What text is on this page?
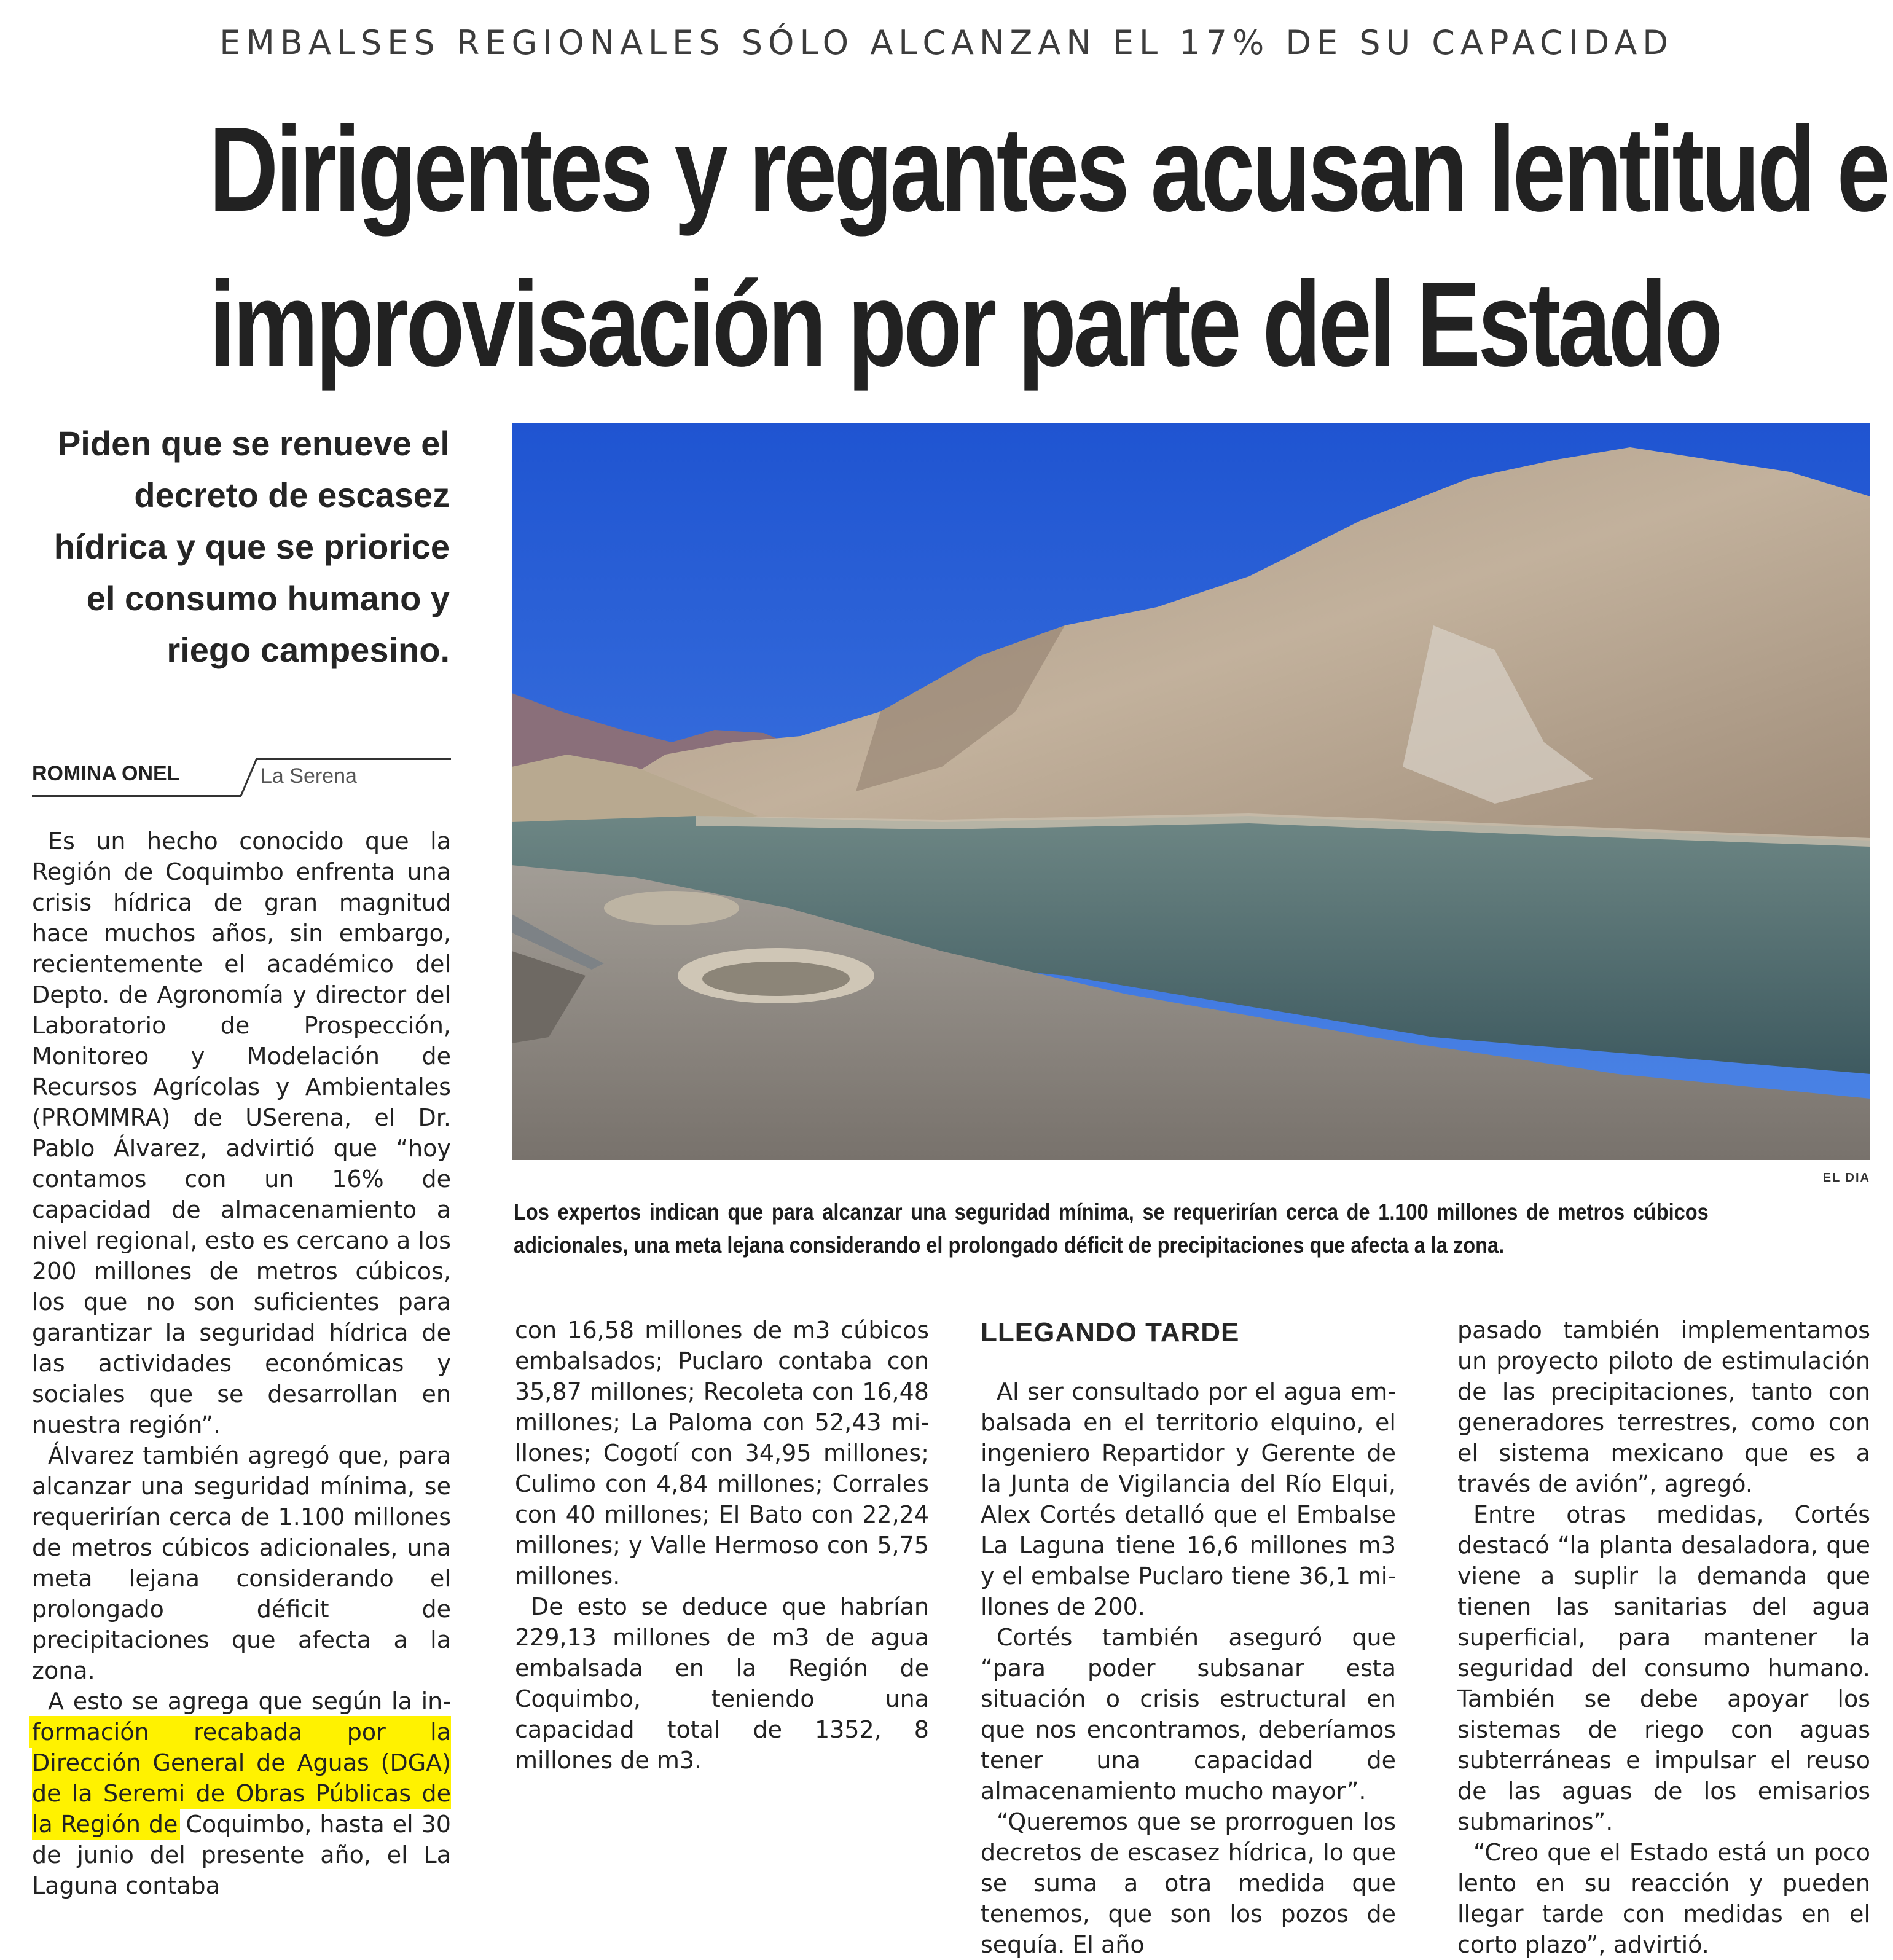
EMBALSES REGIONALES SÓLO ALCANZAN EL 17% DE SU CAPACIDAD
Dirigentes y regantes acusan lentitud e
improvisación por parte del Estado
Piden que se renueve el decreto de escasez hídrica y que se priorice el consumo humano y riego campesino.
ROMINA ONEL	La Serena
EL DIA
Los expertos indican que para alcanzar una seguridad mínima, se requerirían cerca de 1.100 millones de metros cúbicos adicionales, una meta lejana considerando el prolongado déficit de precipitaciones que afecta a la zona.

Es un hecho conocido que la Región de Coquimbo enfrenta una crisis hídrica de gran magnitud hace muchos años, sin embargo, recientemente el académico del Depto. de Agronomía y director del Laboratorio de Prospección, Monitoreo y Modelación de Recursos Agrícolas y Ambientales (PROMMRA) de U​Serena, el Dr. Pablo Álvarez, advirtió que “hoy contamos con un 16% de capacidad de almacenamiento a nivel regional, esto es cercano a los 200 millones de metros cúbicos, los que no son suficientes para garantizar la seguridad hídrica de las actividades económicas y sociales que se desarrollan en nuestra región”.

Álvarez también agregó que, para alcanzar una seguridad mínima, se requerirían cerca de 1.100 millones de metros cúbicos adicionales, una meta lejana considerando el prolongado déficit de precipitaciones que afecta a la zona.

A esto se agrega que según la información recabada por la Dirección General de Aguas (DGA) de la Seremi de Obras Públicas de la Región de Coquimbo, hasta el 30 de junio del presente año, el La Laguna contaba

con 16,58 millones de m3 cúbicos embalsados; Puclaro contaba con 35,87 millones; Recoleta con 16,48 millones; La Paloma con 52,43 millones; Cogotí con 34,95 millones; Culimo con 4,84 millones; Corrales con 40 millones; El Bato con 22,24 millones; y Valle Hermoso con 5,75 millones.

De esto se deduce que habrían 229,13 millones de m3 de agua embalsada en la Región de Coquimbo, teniendo una capacidad total de 1352, 8 millones de m3.

LLEGANDO TARDE

Al ser consultado por el agua embalsada en el territorio elquino, el ingeniero Repartidor y Gerente de la Junta de Vigilancia del Río Elqui, Alex Cortés detalló que el Embalse La Laguna tiene 16,6 millones m3 y el embalse Puclaro tiene 36,1 millones de 200.

Cortés también aseguró que “para poder subsanar esta situación o crisis estructural en que nos encontramos, deberíamos tener una capacidad de almacenamiento mucho mayor”.

“Queremos que se prorroguen los decretos de escasez hídrica, lo que se suma a otra medida que tenemos, que son los pozos de sequía. El año

pasado también implementamos un proyecto piloto de estimulación de las precipitaciones, tanto con generadores terrestres, como con el sistema mexicano que es a través de avión”, agregó.

Entre otras medidas, Cortés destacó “la planta desaladora, que viene a suplir la demanda que tienen las sanitarias del agua superficial, para mantener la seguridad del consumo humano. También se debe apoyar los sistemas de riego con aguas subterráneas e impulsar el reuso de las aguas de los emisarios submarinos”.

“Creo que el Estado está un poco lento en su reacción y pueden llegar tarde con medidas en el corto plazo”, advirtió.
